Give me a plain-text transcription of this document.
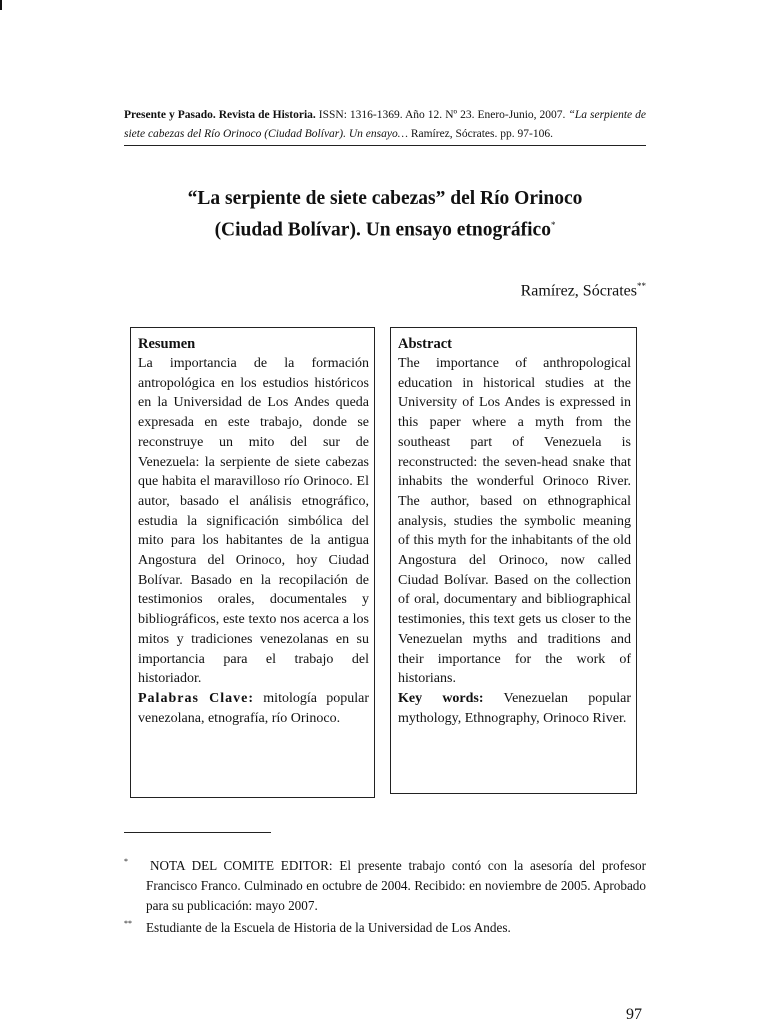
Presente y Pasado. Revista de Historia. ISSN: 1316-1369. Año 12. Nº 23. Enero-Junio, 2007. “La serpiente de siete cabezas del Río Orinoco (Ciudad Bolívar). Un ensayo… Ramírez, Sócrates. pp. 97-106.
“La serpiente de siete cabezas” del Río Orinoco
(Ciudad Bolívar). Un ensayo etnográfico*
Ramírez, Sócrates**
Resumen

La importancia de la formación antropológica en los estudios históricos en la Universidad de Los Andes queda expresada en este trabajo, donde se reconstruye un mito del sur de Venezuela: la serpiente de siete cabezas que habita el maravilloso río Orinoco. El autor, basado el análisis etnográfico, estudia la significación simbólica del mito para los habitantes de la antigua Angostura del Orinoco, hoy Ciudad Bolívar. Basado en la recopilación de testimonios orales, documentales y bibliográficos, este texto nos acerca a los mitos y tradiciones venezolanas en su importancia para el trabajo del historiador.

Palabras Clave: mitología popular venezolana, etnografía, río Orinoco.

Abstract

The importance of anthropological education in historical studies at the University of Los Andes is expressed in this paper where a myth from the southeast part of Venezuela is reconstructed: the seven-head snake that inhabits the wonderful Orinoco River. The author, based on ethnographical analysis, studies the symbolic meaning of this myth for the inhabitants of the old Angostura del Orinoco, now called Ciudad Bolívar. Based on the collection of oral, documentary and bibliographical testimonies, this text gets us closer to the Venezuelan myths and traditions and their importance for the work of historians.

Key words: Venezuelan popular mythology, Ethnography, Orinoco River.

*	NOTA DEL COMITE EDITOR: El presente trabajo contó con la asesoría del profesor Francisco Franco. Culminado en octubre de 2004. Recibido: en noviembre de 2005. Aprobado para su publicación: mayo 2007.
** Estudiante de la Escuela de Historia de la Universidad de Los Andes.
97
